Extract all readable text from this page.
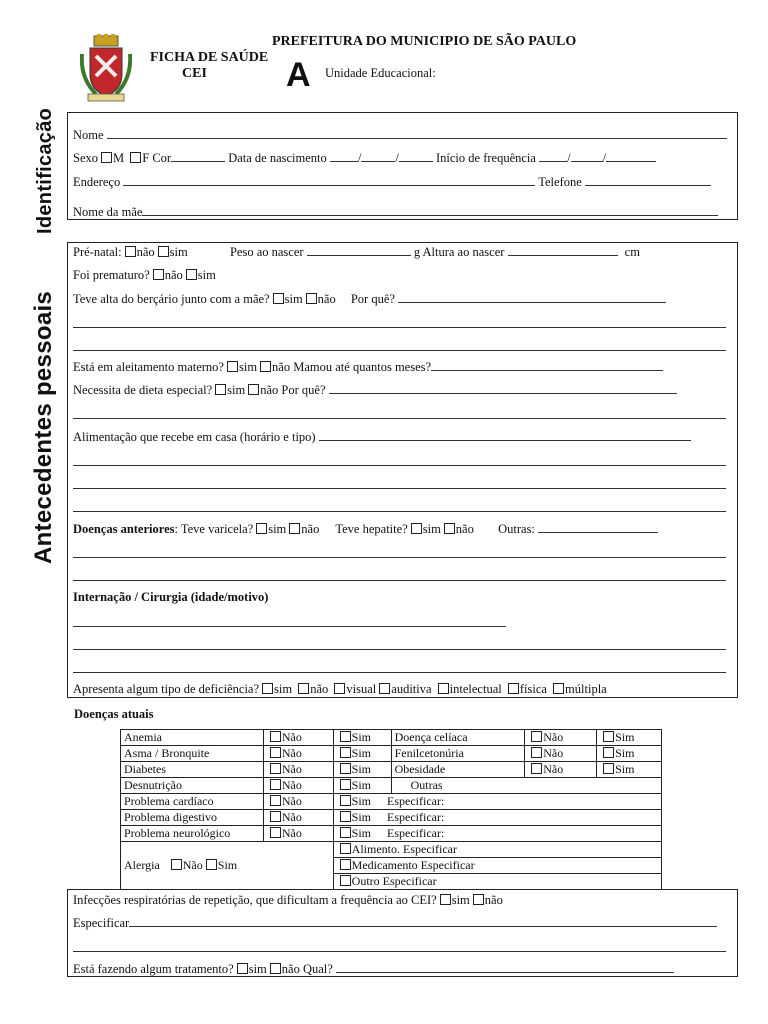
PREFEITURA DO MUNICIPIO DE SÃO PAULO
FICHA DE SAÚDE
CEI A Unidade Educacional:
Identificação
Antecedentes pessoais
Nome
Sexo M F Cor	Data de nascimento /	/	Início de frequência /	/
Endereço	Telefone
Nome da mãe
Pré-natal: não sim	Peso ao nascer	g Altura ao nascer	cm
Foi prematuro? não sim
Teve alta do berçário junto com a mãe? sim não Por quê?
Está em aleitamento materno? sim não Mamou até quantos meses?
Necessita de dieta especial? sim não Por quê?
Alimentação que recebe em casa (horário e tipo)
Doenças anteriores: Teve varicela? sim não Teve hepatite? sim não Outras:
Internação / Cirurgia (idade/motivo)
Apresenta algum tipo de deficiência? sim não visual auditiva intelectual física múltipla
Doenças atuais
Anemia	Não	Sim	Doença celíaca	Não	Sim
Asma / Bronquite	Não	Sim	Fenilcetonúria	Não	Sim
Diabetes	Não	Sim	Obesidade	Não	Sim
Desnutrição	Não	Sim	Outras		
Problema cardíaco	Não	Sim Especificar:			
Problema digestivo	Não	Sim Especificar:			
Problema neurológico	Não	Sim Especificar:			
Alergia Não Sim		Alimento. Especificar			
		Medicamento Especificar			
		Outro Especificar			
Infecções respiratórias de repetição, que dificultam a frequência ao CEI? sim não
Especificar
Está fazendo algum tratamento? sim não Qual?
